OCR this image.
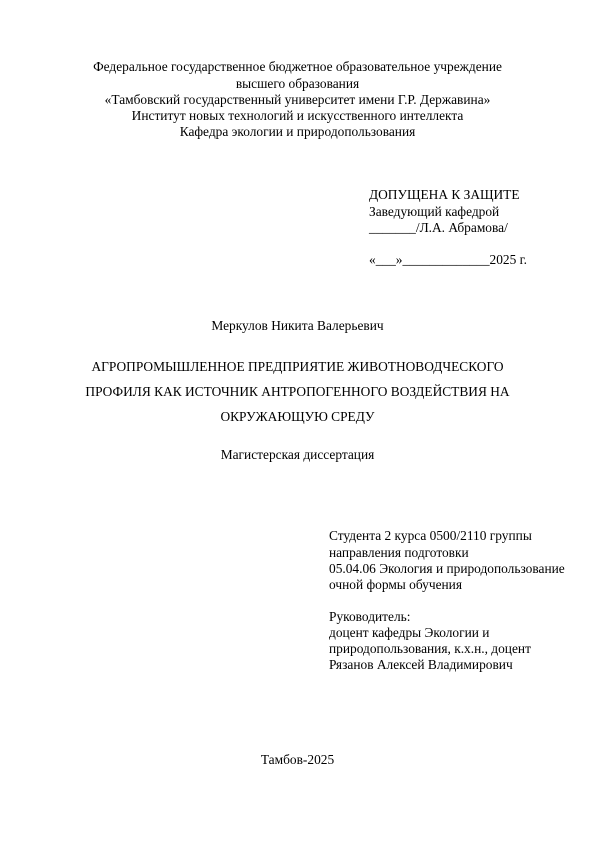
Федеральное государственное бюджетное образовательное учреждение
высшего образования
«Тамбовский государственный университет имени Г.Р. Державина»
Институт новых технологий и искусственного интеллекта
Кафедра экологии и природопользования
ДОПУЩЕНА К ЗАЩИТЕ
Заведующий кафедрой
_______/Л.А. Абрамова/
«___»_____________2025 г.
Меркулов Никита Валерьевич
АГРОПРОМЫШЛЕННОЕ ПРЕДПРИЯТИЕ ЖИВОТНОВОДЧЕСКОГО
ПРОФИЛЯ КАК ИСТОЧНИК АНТРОПОГЕННОГО ВОЗДЕЙСТВИЯ НА
ОКРУЖАЮЩУЮ СРЕДУ
Магистерская диссертация
Студента 2 курса 0500/2110 группы
направления подготовки
05.04.06 Экология и природопользование
очной формы обучения
Руководитель:
доцент кафедры Экологии и
природопользования, к.х.н., доцент
Рязанов Алексей Владимирович
Тамбов-2025
